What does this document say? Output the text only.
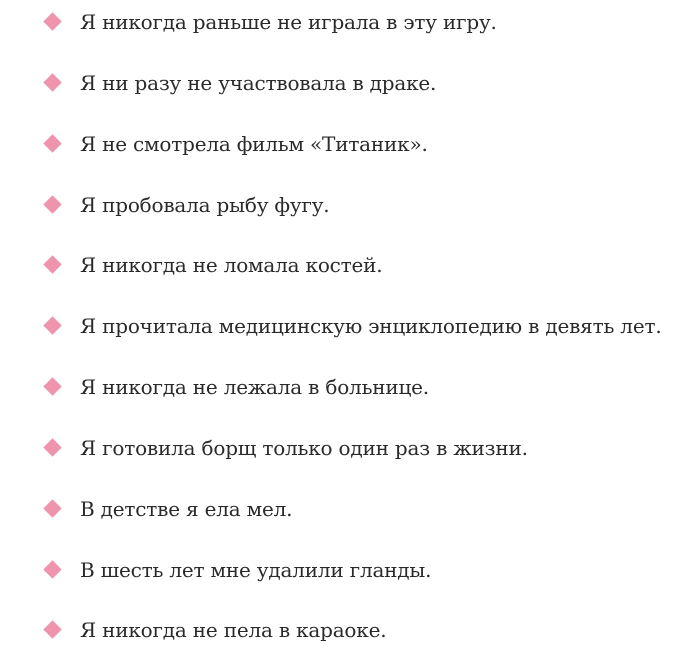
Я никогда раньше не играла в эту игру.
Я ни разу не участвовала в драке.
Я не смотрела фильм «Титаник».
Я пробовала рыбу фугу.
Я никогда не ломала костей.
Я прочитала медицинскую энциклопедию в девять лет.
Я никогда не лежала в больнице.
Я готовила борщ только один раз в жизни.
В детстве я ела мел.
В шесть лет мне удалили гланды.
Я никогда не пела в караоке.
